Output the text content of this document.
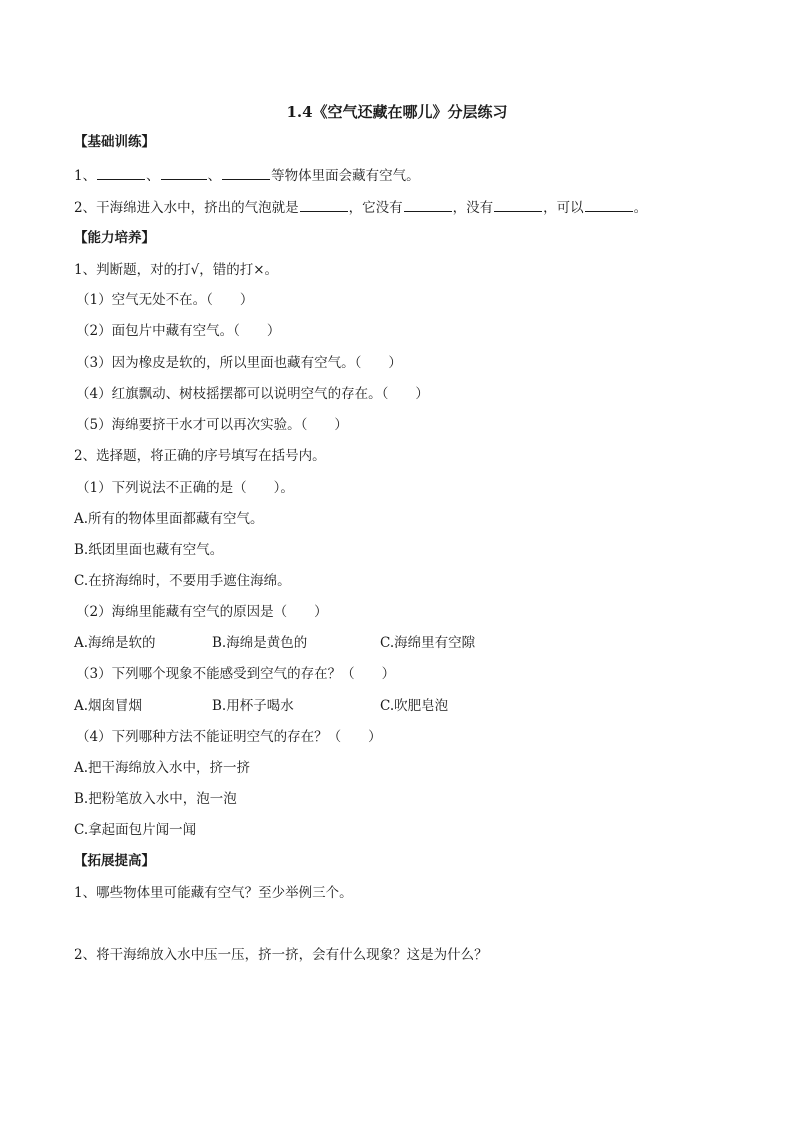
1.4《空气还藏在哪儿》分层练习
【基础训练】
1、	、	、	等物体里面会藏有空气。
2、干海绵进入水中，挤出的气泡就是	，它没有	，没有	，可以	。
【能力培养】
1、判断题，对的打√，错的打×。
（1）空气无处不在。（　　）
（2）面包片中藏有空气。（　　）
（3）因为橡皮是软的，所以里面也藏有空气。（　　）
（4）红旗飘动、树枝摇摆都可以说明空气的存在。（　　）
（5）海绵要挤干水才可以再次实验。（　　）
2、选择题，将正确的序号填写在括号内。
（1）下列说法不正确的是（　　）。
A.所有的物体里面都藏有空气。
B.纸团里面也藏有空气。
C.在挤海绵时，不要用手遮住海绵。
（2）海绵里能藏有空气的原因是（　　）
A.海绵是软的	B.海绵是黄色的	C.海绵里有空隙
（3）下列哪个现象不能感受到空气的存在？（　　）
A.烟囱冒烟	B.用杯子喝水	C.吹肥皂泡
（4）下列哪种方法不能证明空气的存在？（　　）
A.把干海绵放入水中，挤一挤
B.把粉笔放入水中，泡一泡
C.拿起面包片闻一闻
【拓展提高】
1、哪些物体里可能藏有空气？至少举例三个。
2、将干海绵放入水中压一压，挤一挤，会有什么现象？这是为什么？
